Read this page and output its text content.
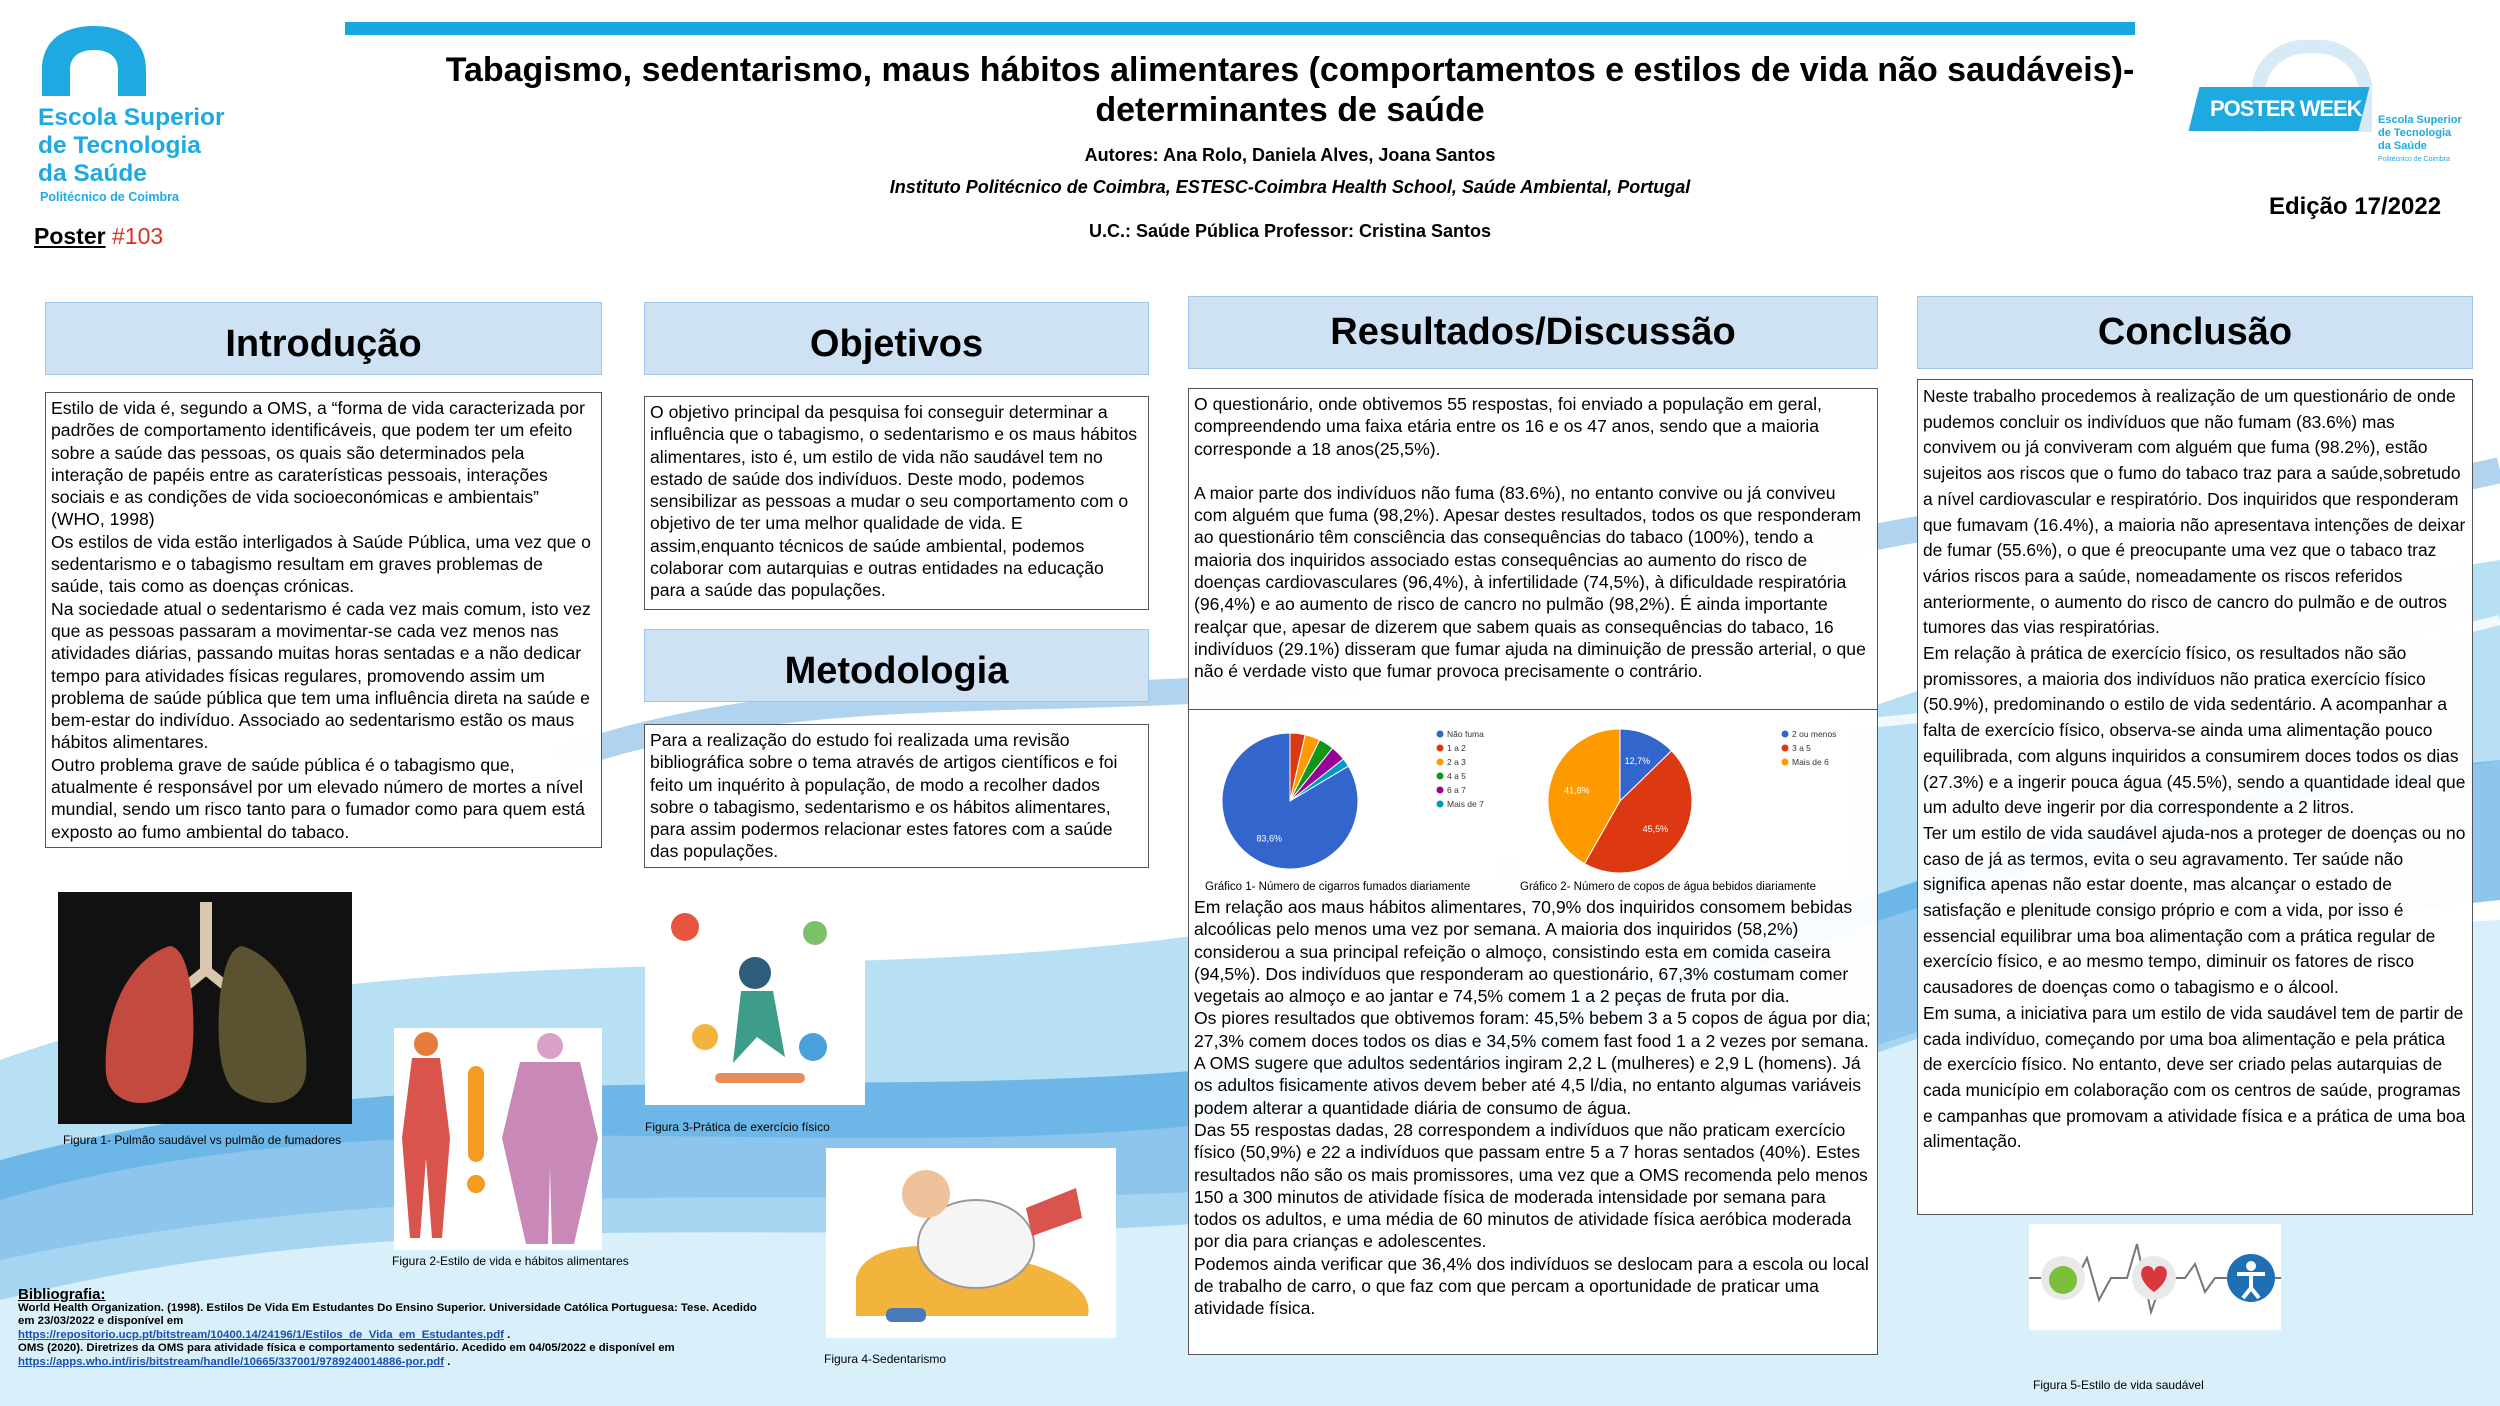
Tabagismo, sedentarismo, maus hábitos alimentares (comportamentos e estilos de vida não saudáveis)- determinantes de saúde
Autores: Ana Rolo, Daniela Alves, Joana Santos
Instituto Politécnico de Coimbra, ESTESC-Coimbra Health School, Saúde Ambiental, Portugal
U.C.: Saúde Pública Professor: Cristina Santos
Edição 17/2022
Escola Superior
de Tecnologia
da Saúde
Politécnico de Coimbra
Poster #103
POSTER WEEK Escola Superior
de Tecnologia
da Saúde
Politécnico de Coimbra
Introdução
Estilo de vida é, segundo a OMS, a “forma de vida caracterizada por padrões de comportamento identificáveis, que podem ter um efeito sobre a saúde das pessoas, os quais são determinados pela interação de papéis entre as caraterísticas pessoais, interações sociais e as condições de vida socioeconómicas e ambientais” (WHO, 1998)
Os estilos de vida estão interligados à Saúde Pública, uma vez que o sedentarismo e o tabagismo resultam em graves problemas de saúde, tais como as doenças crónicas.
Na sociedade atual o sedentarismo é cada vez mais comum, isto vez que as pessoas passaram a movimentar-se cada vez menos nas atividades diárias, passando muitas horas sentadas e a não dedicar tempo para atividades físicas regulares, promovendo assim um problema de saúde pública que tem uma influência direta na saúde e bem-estar do indivíduo. Associado ao sedentarismo estão os maus hábitos alimentares.
Outro problema grave de saúde pública é o tabagismo que, atualmente é responsável por um elevado número de mortes a nível mundial, sendo um risco tanto para o fumador como para quem está exposto ao fumo ambiental do tabaco.
Objetivos
O objetivo principal da pesquisa foi conseguir determinar a influência que o tabagismo, o sedentarismo e os maus hábitos alimentares, isto é, um estilo de vida não saudável tem no estado de saúde dos indivíduos. Deste modo, podemos sensibilizar as pessoas a mudar o seu comportamento com o objetivo de ter uma melhor qualidade de vida. E assim,enquanto técnicos de saúde ambiental, podemos colaborar com autarquias e outras entidades na educação para a saúde das populações.
Metodologia
Para a realização do estudo foi realizada uma revisão bibliográfica sobre o tema através de artigos científicos e foi feito um inquérito à população, de modo a recolher dados sobre o tabagismo, sedentarismo e os hábitos alimentares, para assim podermos relacionar estes fatores com a saúde das populações.
Resultados/Discussão

O questionário, onde obtivemos 55 respostas, foi enviado a população em geral, compreendendo uma faixa etária entre os 16 e os 47 anos, sendo que a maioria corresponde a 18 anos(25,5%).

A maior parte dos indivíduos não fuma (83.6%), no entanto convive ou já conviveu com alguém que fuma (98,2%). Apesar destes resultados, todos os que responderam ao questionário têm consciência das consequências do tabaco (100%), tendo a maioria dos inquiridos associado estas consequências ao aumento do risco de doenças cardiovasculares (96,4%), à infertilidade (74,5%), à dificuldade respiratória (96,4%) e ao aumento de risco de cancro no pulmão (98,2%). É ainda importante realçar que, apesar de dizerem que sabem quais as consequências do tabaco, 16 indivíduos (29.1%) disseram que fumar ajuda na diminuição de pressão arterial, o que não é verdade visto que fumar provoca precisamente o contrário.

Em relação aos maus hábitos alimentares, 70,9% dos inquiridos consomem bebidas alcoólicas pelo menos uma vez por semana. A maioria dos inquiridos (58,2%) considerou a sua principal refeição o almoço, consistindo esta em comida caseira (94,5%). Dos indivíduos que responderam ao questionário, 67,3% costumam comer vegetais ao almoço e ao jantar e 74,5% comem 1 a 2 peças de fruta por dia.
Os piores resultados que obtivemos foram: 45,5% bebem 3 a 5 copos de água por dia; 27,3% comem doces todos os dias e 34,5% comem fast food 1 a 2 vezes por semana. A OMS sugere que adultos sedentários ingiram 2,2 L (mulheres) e 2,9 L (homens). Já os adultos fisicamente ativos devem beber até 4,5 l/dia, no entanto algumas variáveis podem alterar a quantidade diária de consumo de água.
Das 55 respostas dadas, 28 correspondem a indivíduos que não praticam exercício físico (50,9%) e 22 a indivíduos que passam entre 5 a 7 horas sentados (40%). Estes resultados não são os mais promissores, uma vez que a OMS recomenda pelo menos 150 a 300 minutos de atividade física de moderada intensidade por semana para todos os adultos, e uma média de 60 minutos de atividade física aeróbica moderada por dia para crianças e adolescentes.
Podemos ainda verificar que 36,4% dos indivíduos se deslocam para a escola ou local de trabalho de carro, o que faz com que percam a oportunidade de praticar uma atividade física.

83,6%
Não fuma
1 a 2
2 a 3
4 a 5
6 a 7
Mais de 7
Gráfico 1- Número de cigarros fumados diariamente
12,7%
45,5%
41,8%
2 ou menos
3 a 5
Mais de 6
Gráfico 2- Número de copos de água bebidos diariamente
Conclusão
Neste trabalho procedemos à realização de um questionário de onde pudemos concluir os indivíduos que não fumam (83.6%) mas convivem ou já conviveram com alguém que fuma (98.2%), estão sujeitos aos riscos que o fumo do tabaco traz para a saúde,sobretudo a nível cardiovascular e respiratório. Dos inquiridos que responderam que fumavam (16.4%), a maioria não apresentava intenções de deixar de fumar (55.6%), o que é preocupante uma vez que o tabaco traz vários riscos para a saúde, nomeadamente os riscos referidos anteriormente, o aumento do risco de cancro do pulmão e de outros tumores das vias respiratórias.
Em relação à prática de exercício físico, os resultados não são promissores, a maioria dos indivíduos não pratica exercício físico (50.9%), predominando o estilo de vida sedentário. A acompanhar a falta de exercício físico, observa-se ainda uma alimentação pouco equilibrada, com alguns inquiridos a consumirem doces todos os dias (27.3%) e a ingerir pouca água (45.5%), sendo a quantidade ideal que um adulto deve ingerir por dia correspondente a 2 litros.
Ter um estilo de vida saudável ajuda-nos a proteger de doenças ou no caso de já as termos, evita o seu agravamento. Ter saúde não significa apenas não estar doente, mas alcançar o estado de satisfação e plenitude consigo próprio e com a vida, por isso é essencial equilibrar uma boa alimentação com a prática regular de exercício físico, e ao mesmo tempo, diminuir os fatores de risco causadores de doenças como o tabagismo e o álcool.
Em suma, a iniciativa para um estilo de vida saudável tem de partir de cada indivíduo, começando por uma boa alimentação e pela prática de exercício físico. No entanto, deve ser criado pelas autarquias de cada município em colaboração com os centros de saúde, programas e campanhas que promovam a atividade física e a prática de uma boa alimentação.
Figura 1- Pulmão saudável vs pulmão de fumadores
Figura 2-Estilo de vida e hábitos alimentares
Figura 3-Prática de exercício físico
Figura 4-Sedentarismo
Figura 5-Estilo de vida saudável
Bibliografia:
World Health Organization. (1998). Estilos De Vida Em Estudantes Do Ensino Superior. Universidade Católica Portuguesa: Tese. Acedido em 23/03/2022 e disponível em
https://repositorio.ucp.pt/bitstream/10400.14/24196/1/Estilos_de_Vida_em_Estudantes.pdf .
OMS (2020). Diretrizes da OMS para atividade física e comportamento sedentário. Acedido em 04/05/2022 e disponível em
https://apps.who.int/iris/bitstream/handle/10665/337001/9789240014886-por.pdf .
